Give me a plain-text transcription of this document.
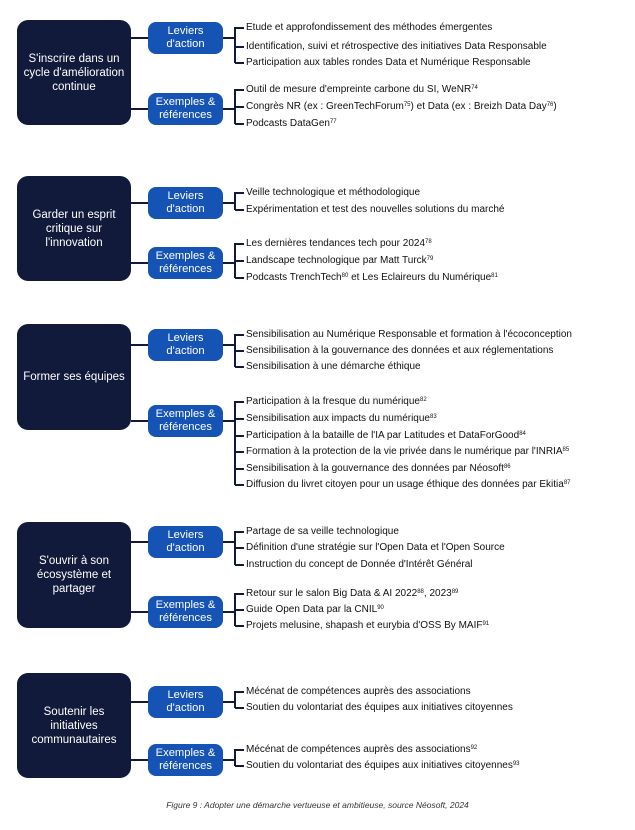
S'inscrire dans un cycle d'amélioration continue
Leviers
d'action
Etude et approfondissement des méthodes émergentes
Identification, suivi et rétrospective des initiatives Data Responsable
Participation aux tables rondes Data et Numérique Responsable
Exemples &
références
Outil de mesure d'empreinte carbone du SI, WeNR$^{74}$
Congrès NR (ex : GreenTechForum$^{75}$) et Data (ex : Breizh Data Day$^{76}$)
Podcasts DataGen$^{77}$
Garder un esprit critique sur l'innovation
Leviers
d'action
Veille technologique et méthodologique
Expérimentation et test des nouvelles solutions du marché
Exemples &
références
Les dernières tendances tech pour 2024$^{78}$
Landscape technologique par Matt Turck$^{79}$
Podcasts TrenchTech$^{80}$ et Les Eclaireurs du Numérique$^{81}$
Former ses équipes
Leviers
d'action
Sensibilisation au Numérique Responsable et formation à l'écoconception
Sensibilisation à la gouvernance des données et aux réglementations
Sensibilisation à une démarche éthique
Exemples &
références
Participation à la fresque du numérique$^{82}$
Sensibilisation aux impacts du numérique$^{83}$
Participation à la bataille de l'IA par Latitudes et DataForGood$^{84}$
Formation à la protection de la vie privée dans le numérique par l'INRIA$^{85}$
Sensibilisation à la gouvernance des données par Néosoft$^{86}$
Diffusion du livret citoyen pour un usage éthique des données par Ekitia$^{87}$
S'ouvrir à son écosystème et partager
Leviers
d'action
Partage de sa veille technologique
Définition d'une stratégie sur l'Open Data et l'Open Source
Instruction du concept de Donnée d'Intérêt Général
Exemples &
références
Retour sur le salon Big Data & AI 2022$^{88}$, 2023$^{89}$
Guide Open Data par la CNIL$^{90}$
Projets melusine, shapash et eurybia d'OSS By MAIF$^{91}$
Soutenir les initiatives communautaires
Leviers
d'action
Mécénat de compétences auprès des associations
Soutien du volontariat des équipes aux initiatives citoyennes
Exemples &
références
Mécénat de compétences auprès des associations$^{92}$
Soutien du volontariat des équipes aux initiatives citoyennes$^{93}$
Figure 9 : Adopter une démarche vertueuse et ambitieuse, source Néosoft, 2024
